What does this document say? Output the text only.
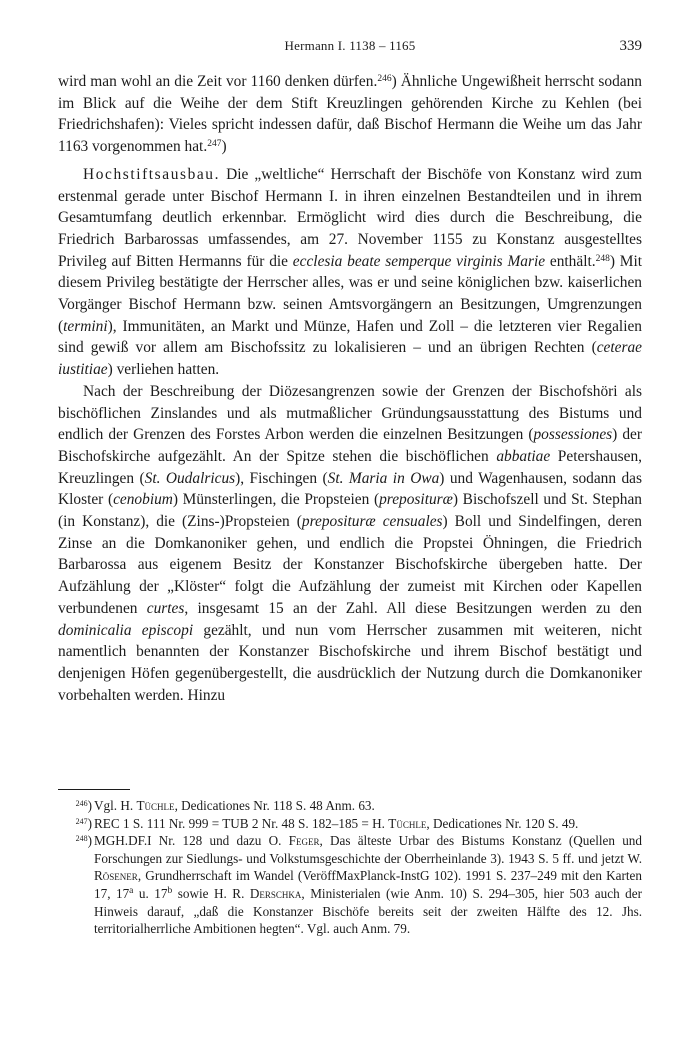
Hermann I. 1138 – 1165	339

wird man wohl an die Zeit vor 1160 denken dürfen.$^{246}$) Ähnliche Ungewißheit herrscht sodann im Blick auf die Weihe der dem Stift Kreuzlingen gehörenden Kirche zu Kehlen (bei Friedrichshafen): Vieles spricht indessen dafür, daß Bischof Hermann die Weihe um das Jahr 1163 vorgenommen hat.$^{247}$)

Hochstiftsausbau. Die „weltliche“ Herrschaft der Bischöfe von Konstanz wird zum erstenmal gerade unter Bischof Hermann I. in ihren einzelnen Bestandteilen und in ihrem Gesamtumfang deutlich erkennbar. Ermöglicht wird dies durch die Beschreibung, die Friedrich Barbarossas umfassendes, am 27. November 1155 zu Konstanz ausgestelltes Privileg auf Bitten Hermanns für die ecclesia beate semperque virginis Marie enthält.$^{248}$) Mit diesem Privileg bestätigte der Herrscher alles, was er und seine königlichen bzw. kaiserlichen Vorgänger Bischof Hermann bzw. seinen Amtsvorgängern an Besitzungen, Umgrenzungen (termini), Immunitäten, an Markt und Münze, Hafen und Zoll – die letzteren vier Regalien sind gewiß vor allem am Bischofssitz zu lokalisieren – und an übrigen Rechten (ceterae iustitiae) verliehen hatten.

Nach der Beschreibung der Diözesangrenzen sowie der Grenzen der Bischofshöri als bischöflichen Zinslandes und als mutmaßlicher Gründungsausstattung des Bistums und endlich der Grenzen des Forstes Arbon werden die einzelnen Besitzungen (possessiones) der Bischofskirche aufgezählt. An der Spitze stehen die bischöflichen abbatiae Petershausen, Kreuzlingen (St. Oudalricus), Fischingen (St. Maria in Owa) und Wagenhausen, sodann das Kloster (cenobium) Münsterlingen, die Propsteien (preposituræ) Bischofszell und St. Stephan (in Konstanz), die (Zins-)Propsteien (preposituræ censuales) Boll und Sindelfingen, deren Zinse an die Domkanoniker gehen, und endlich die Propstei Öhningen, die Friedrich Barbarossa aus eigenem Besitz der Konstanzer Bischofskirche übergeben hatte. Der Aufzählung der „Klöster“ folgt die Aufzählung der zumeist mit Kirchen oder Kapellen verbundenen curtes, insgesamt 15 an der Zahl. All diese Besitzungen werden zu den dominicalia episcopi gezählt, und nun vom Herrscher zusammen mit weiteren, nicht namentlich benannten der Konstanzer Bischofskirche und ihrem Bischof bestätigt und denjenigen Höfen gegenübergestellt, die ausdrücklich der Nutzung durch die Domkanoniker vorbehalten werden. Hinzu

$^{246}$) Vgl. H. Tüchle, Dedicationes Nr. 118 S. 48 Anm. 63.

$^{247}$) REC 1 S. 111 Nr. 999 = TUB 2 Nr. 48 S. 182–185 = H. Tüchle, Dedicationes Nr. 120 S. 49.

$^{248}$) MGH.DF.I Nr. 128 und dazu O. Feger, Das älteste Urbar des Bistums Konstanz (Quellen und Forschungen zur Siedlungs- und Volkstumsgeschichte der Oberrheinlande 3). 1943 S. 5 ff. und jetzt W. Rösener, Grundherrschaft im Wandel (VeröffMaxPlanck-InstG 102). 1991 S. 237–249 mit den Karten 17, 17$^a$ u. 17$^b$ sowie H. R. Derschka, Ministerialen (wie Anm. 10) S. 294–305, hier 503 auch der Hinweis darauf, „daß die Konstanzer Bischöfe bereits seit der zweiten Hälfte des 12. Jhs. territorialherrliche Ambitionen hegten“. Vgl. auch Anm. 79.
